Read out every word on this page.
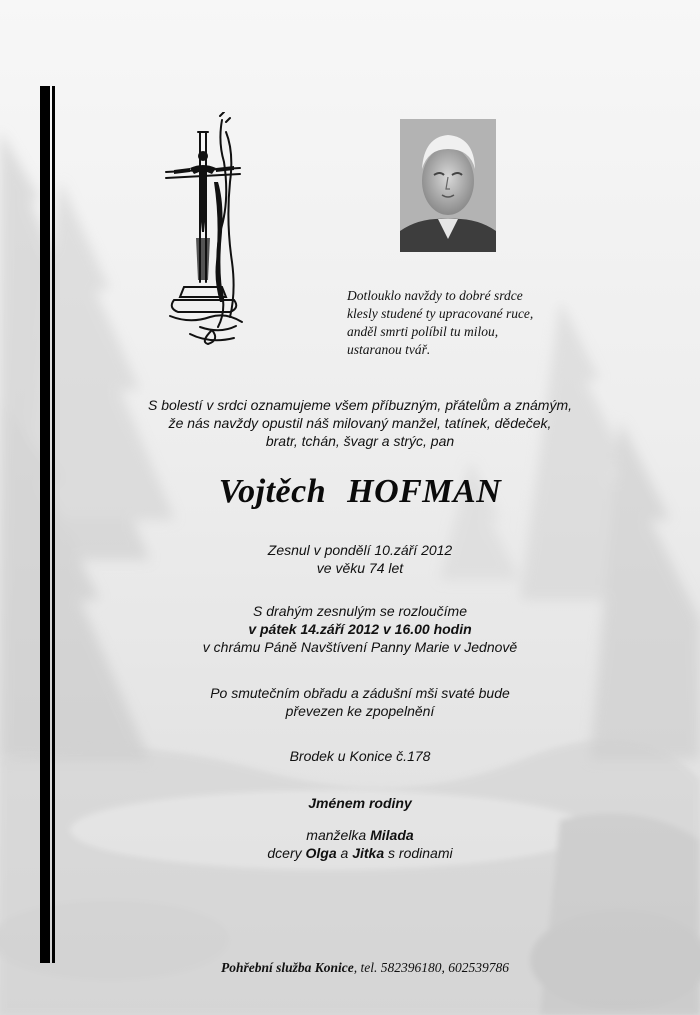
Dotlouklo navždy to dobré srdce
klesly studené ty upracované ruce,
anděl smrti políbil tu milou,
ustaranou tvář.
S bolestí v srdci oznamujeme všem příbuzným, přátelům a známým,
že nás navždy opustil náš milovaný manžel, tatínek, dědeček,
bratr, tchán, švagr a strýc, pan
Vojtěch HOFMAN
Zesnul v pondělí 10.září 2012
ve věku 74 let
S drahým zesnulým se rozloučíme
v pátek 14.září 2012 v 16.00 hodin
v chrámu Páně Navštívení Panny Marie v Jednově
Po smutečním obřadu a zádušní mši svaté bude
převezen ke zpopelnění
Brodek u Konice č.178
Jménem rodiny
manželka Milada
dcery Olga a Jitka s rodinami
Pohřební služba Konice, tel. 582396180, 602539786
